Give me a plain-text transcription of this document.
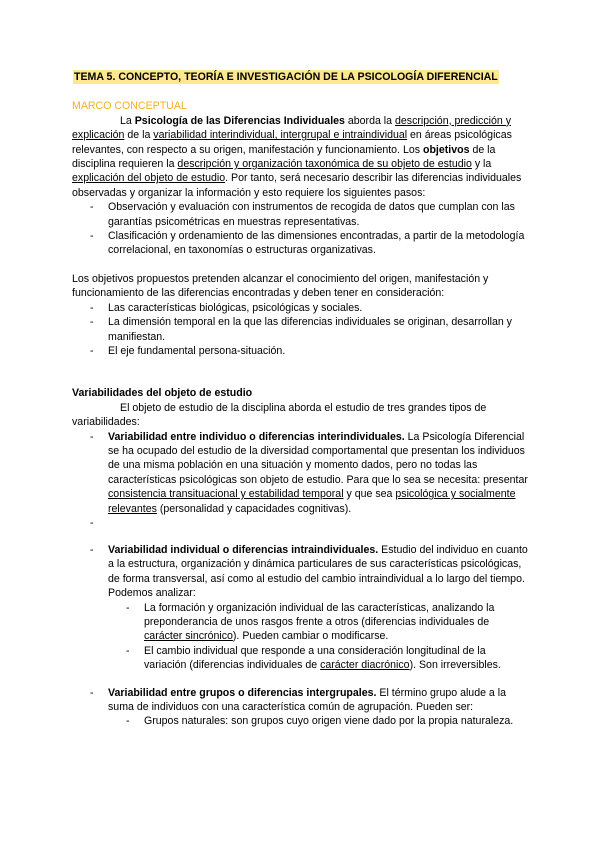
TEMA 5. CONCEPTO, TEORÍA E INVESTIGACIÓN DE LA PSICOLOGÍA DIFERENCIAL
MARCO CONCEPTUAL

La Psicología de las Diferencias Individuales aborda la descripción, predicción y explicación de la variabilidad interindividual, intergrupal e intraindividual en áreas psicológicas relevantes, con respecto a su origen, manifestación y funcionamiento. Los objetivos de la disciplina requieren la descripción y organización taxonómica de su objeto de estudio y la explicación del objeto de estudio. Por tanto, será necesario describir las diferencias individuales observadas y organizar la información y esto requiere los siguientes pasos:

- Observación y evaluación con instrumentos de recogida de datos que cumplan con las garantías psicométricas en muestras representativas.
- Clasificación y ordenamiento de las dimensiones encontradas, a partir de la metodología correlacional, en taxonomías o estructuras organizativas.

Los objetivos propuestos pretenden alcanzar el conocimiento del origen, manifestación y funcionamiento de las diferencias encontradas y deben tener en consideración:

- Las características biológicas, psicológicas y sociales.
- La dimensión temporal en la que las diferencias individuales se originan, desarrollan y manifiestan.
- El eje fundamental persona-situación.

Variabilidades del objeto de estudio

El objeto de estudio de la disciplina aborda el estudio de tres grandes tipos de variabilidades:

- Variabilidad entre individuo o diferencias interindividuales. La Psicología Diferencial se ha ocupado del estudio de la diversidad comportamental que presentan los individuos de una misma población en una situación y momento dados, pero no todas las características psicológicas son objeto de estudio. Para que lo sea se necesita: presentar consistencia transituacional y estabilidad temporal y que sea psicológica y socialmente relevantes (personalidad y capacidades cognitivas).
-
- Variabilidad individual o diferencias intraindividuales. Estudio del individuo en cuanto a la estructura, organización y dinámica particulares de sus características psicológicas, de forma transversal, así como al estudio del cambio intraindividual a lo largo del tiempo. Podemos analizar:
- La formación y organización individual de las características, analizando la preponderancia de unos rasgos frente a otros (diferencias individuales de carácter sincrónico). Pueden cambiar o modificarse.
- El cambio individual que responde a una consideración longitudinal de la variación (diferencias individuales de carácter diacrónico). Son irreversibles.
- Variabilidad entre grupos o diferencias intergrupales. El término grupo alude a la suma de individuos con una característica común de agrupación. Pueden ser:
- Grupos naturales: son grupos cuyo origen viene dado por la propia naturaleza.
